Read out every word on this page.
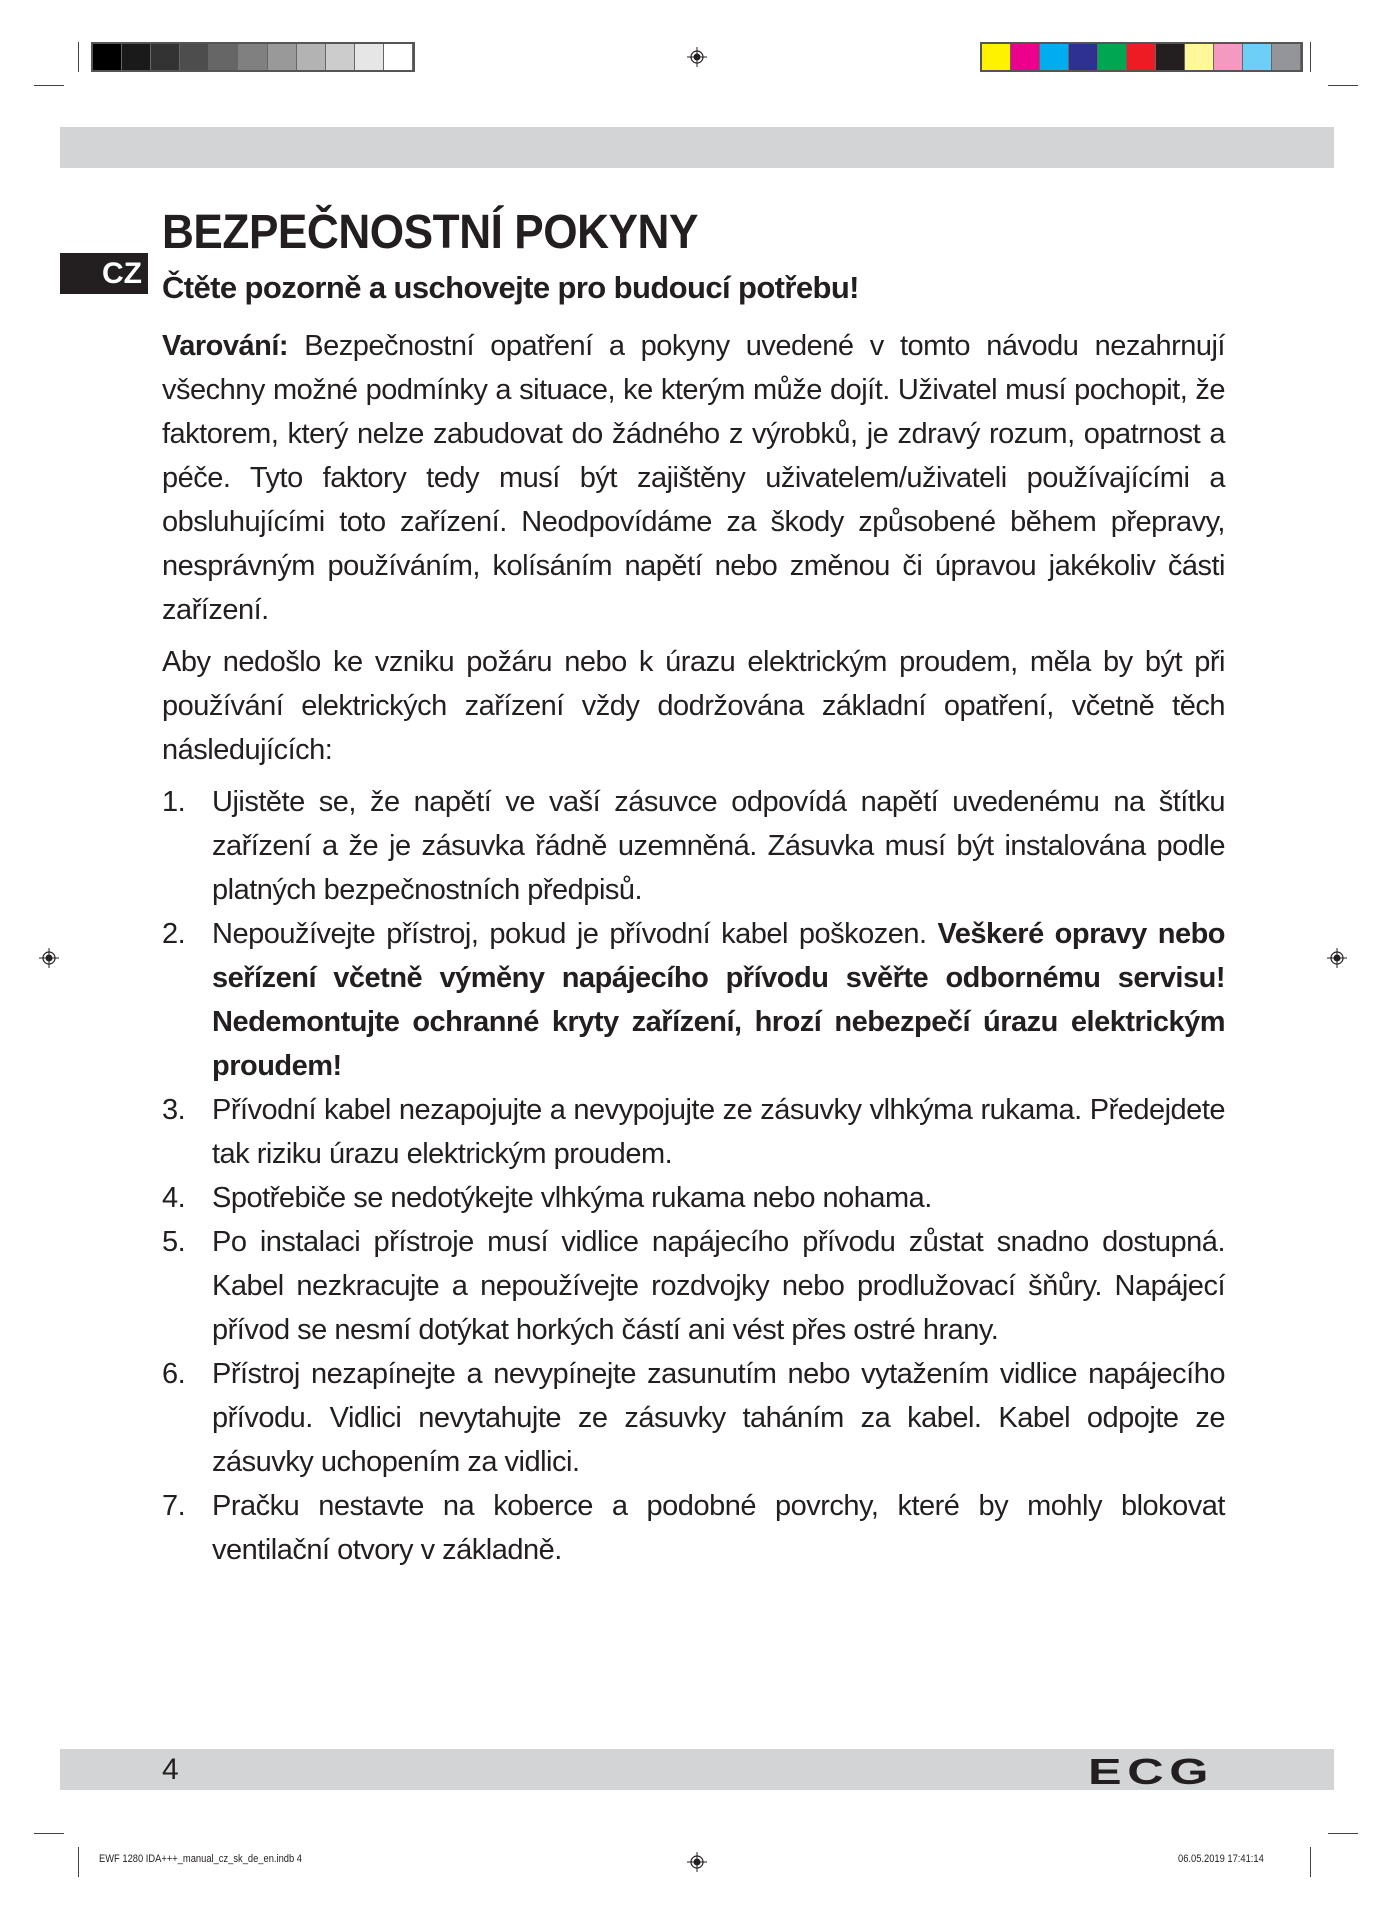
BEZPEČNOSTNÍ POKYNY
CZ Čtěte pozorně a uschovejte pro budoucí potřebu!

Varování: Bezpečnostní opatření a pokyny uvedené v tomto návodu nezahrnují všechny možné podmínky a situace, ke kterým může dojít. Uživatel musí pochopit, že faktorem, který nelze zabudovat do žádného z výrobků, je zdravý rozum, opatrnost a péče. Tyto faktory tedy musí být zajištěny uživatelem/uživateli používajícími a obsluhujícími toto zařízení. Neodpovídáme za škody způsobené během přepravy, nesprávným používáním, kolísáním napětí nebo změnou či úpravou jakékoliv části zařízení.

Aby nedošlo ke vzniku požáru nebo k úrazu elektrickým proudem, měla by být při používání elektrických zařízení vždy dodržována základní opatření, včetně těch následujících:

1. Ujistěte se, že napětí ve vaší zásuvce odpovídá napětí uvedenému na štítku zařízení a že je zásuvka řádně uzemněná. Zásuvka musí být instalována podle platných bezpečnostních předpisů.
2. Nepoužívejte přístroj, pokud je přívodní kabel poškozen. Veškeré opravy nebo seřízení včetně výměny napájecího přívodu svěřte odbornému servisu! Nedemontujte ochranné kryty zařízení, hrozí nebezpečí úrazu elektrickým proudem!
3. Přívodní kabel nezapojujte a nevypojujte ze zásuvky vlhkýma rukama. Předejdete tak riziku úrazu elektrickým proudem.
4. Spotřebiče se nedotýkejte vlhkýma rukama nebo nohama.
5. Po instalaci přístroje musí vidlice napájecího přívodu zůstat snadno dostupná. Kabel nezkracujte a nepoužívejte rozdvojky nebo prodlužovací šňůry. Napájecí přívod se nesmí dotýkat horkých částí ani vést přes ostré hrany.
6. Přístroj nezapínejte a nevypínejte zasunutím nebo vytažením vidlice napájecího přívodu. Vidlici nevytahujte ze zásuvky taháním za kabel. Kabel odpojte ze zásuvky uchopením za vidlici.
7. Pračku nestavte na koberce a podobné povrchy, které by mohly blokovat ventilační otvory v základně.
4	ECG
EWF 1280 IDA+++_manual_cz_sk_de_en.indb 4	06.05.2019 17:41:14
